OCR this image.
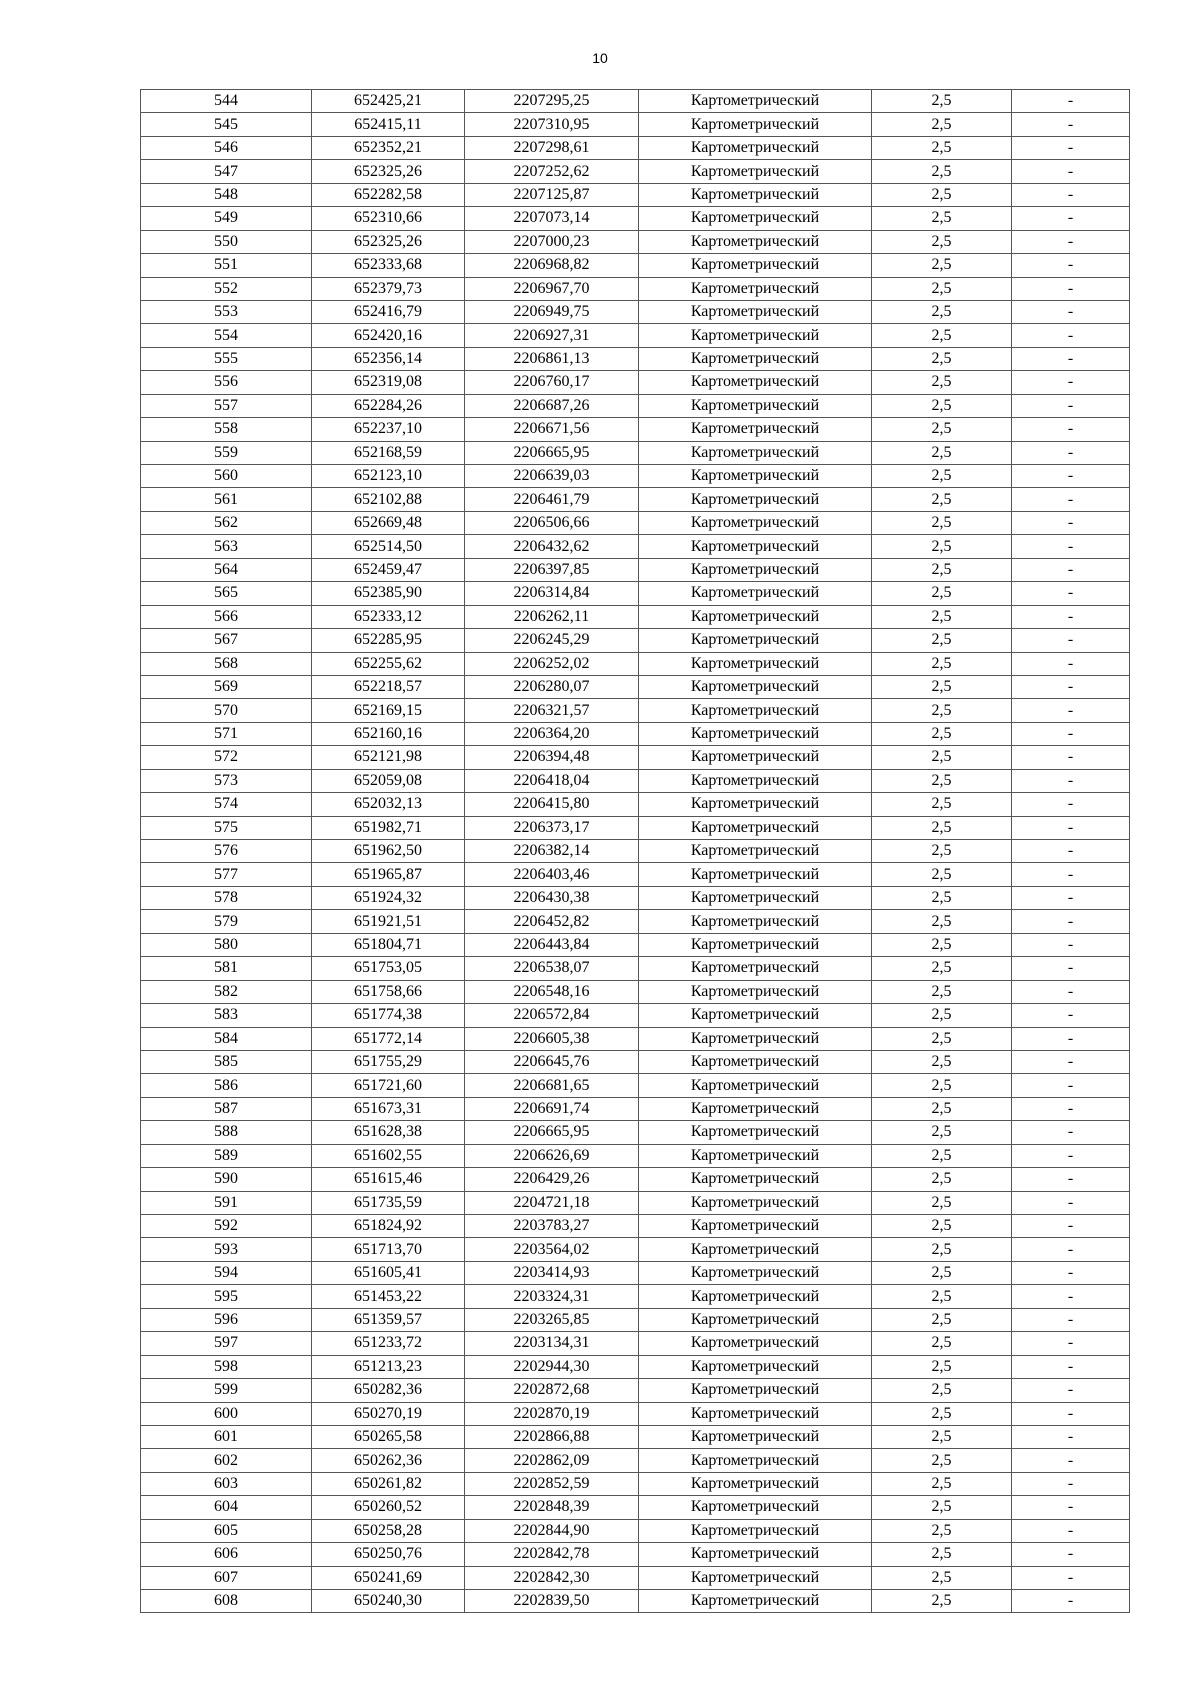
10
544	652425,21	2207295,25	Картометрический	2,5	-
545	652415,11	2207310,95	Картометрический	2,5	-
546	652352,21	2207298,61	Картометрический	2,5	-
547	652325,26	2207252,62	Картометрический	2,5	-
548	652282,58	2207125,87	Картометрический	2,5	-
549	652310,66	2207073,14	Картометрический	2,5	-
550	652325,26	2207000,23	Картометрический	2,5	-
551	652333,68	2206968,82	Картометрический	2,5	-
552	652379,73	2206967,70	Картометрический	2,5	-
553	652416,79	2206949,75	Картометрический	2,5	-
554	652420,16	2206927,31	Картометрический	2,5	-
555	652356,14	2206861,13	Картометрический	2,5	-
556	652319,08	2206760,17	Картометрический	2,5	-
557	652284,26	2206687,26	Картометрический	2,5	-
558	652237,10	2206671,56	Картометрический	2,5	-
559	652168,59	2206665,95	Картометрический	2,5	-
560	652123,10	2206639,03	Картометрический	2,5	-
561	652102,88	2206461,79	Картометрический	2,5	-
562	652669,48	2206506,66	Картометрический	2,5	-
563	652514,50	2206432,62	Картометрический	2,5	-
564	652459,47	2206397,85	Картометрический	2,5	-
565	652385,90	2206314,84	Картометрический	2,5	-
566	652333,12	2206262,11	Картометрический	2,5	-
567	652285,95	2206245,29	Картометрический	2,5	-
568	652255,62	2206252,02	Картометрический	2,5	-
569	652218,57	2206280,07	Картометрический	2,5	-
570	652169,15	2206321,57	Картометрический	2,5	-
571	652160,16	2206364,20	Картометрический	2,5	-
572	652121,98	2206394,48	Картометрический	2,5	-
573	652059,08	2206418,04	Картометрический	2,5	-
574	652032,13	2206415,80	Картометрический	2,5	-
575	651982,71	2206373,17	Картометрический	2,5	-
576	651962,50	2206382,14	Картометрический	2,5	-
577	651965,87	2206403,46	Картометрический	2,5	-
578	651924,32	2206430,38	Картометрический	2,5	-
579	651921,51	2206452,82	Картометрический	2,5	-
580	651804,71	2206443,84	Картометрический	2,5	-
581	651753,05	2206538,07	Картометрический	2,5	-
582	651758,66	2206548,16	Картометрический	2,5	-
583	651774,38	2206572,84	Картометрический	2,5	-
584	651772,14	2206605,38	Картометрический	2,5	-
585	651755,29	2206645,76	Картометрический	2,5	-
586	651721,60	2206681,65	Картометрический	2,5	-
587	651673,31	2206691,74	Картометрический	2,5	-
588	651628,38	2206665,95	Картометрический	2,5	-
589	651602,55	2206626,69	Картометрический	2,5	-
590	651615,46	2206429,26	Картометрический	2,5	-
591	651735,59	2204721,18	Картометрический	2,5	-
592	651824,92	2203783,27	Картометрический	2,5	-
593	651713,70	2203564,02	Картометрический	2,5	-
594	651605,41	2203414,93	Картометрический	2,5	-
595	651453,22	2203324,31	Картометрический	2,5	-
596	651359,57	2203265,85	Картометрический	2,5	-
597	651233,72	2203134,31	Картометрический	2,5	-
598	651213,23	2202944,30	Картометрический	2,5	-
599	650282,36	2202872,68	Картометрический	2,5	-
600	650270,19	2202870,19	Картометрический	2,5	-
601	650265,58	2202866,88	Картометрический	2,5	-
602	650262,36	2202862,09	Картометрический	2,5	-
603	650261,82	2202852,59	Картометрический	2,5	-
604	650260,52	2202848,39	Картометрический	2,5	-
605	650258,28	2202844,90	Картометрический	2,5	-
606	650250,76	2202842,78	Картометрический	2,5	-
607	650241,69	2202842,30	Картометрический	2,5	-
608	650240,30	2202839,50	Картометрический	2,5	-
